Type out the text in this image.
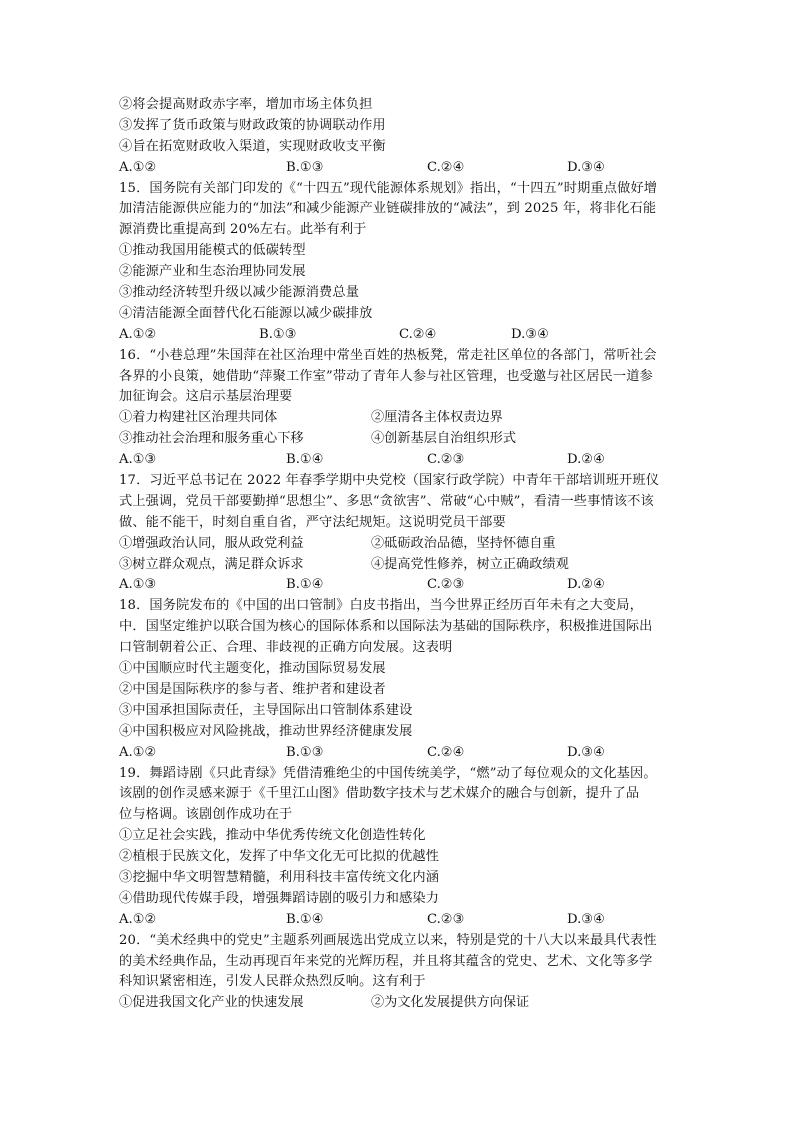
②将会提高财政赤字率，增加市场主体负担
③发挥了货币政策与财政政策的协调联动作用
④旨在拓宽财政收入渠道，实现财政收支平衡
A.①②	B.①③	C.②④	D.③④
15．国务院有关部门印发的《“十四五”现代能源体系规划》指出，“十四五”时期重点做好增
加清洁能源供应能力的“加法”和减少能源产业链碳排放的“减法”，到 2025 年，将非化石能
源消费比重提高到 20%左右。此举有利于
①推动我国用能模式的低碳转型
②能源产业和生态治理协同发展
③推动经济转型升级以减少能源消费总量
④清洁能源全面替代化石能源以减少碳排放
A.①②	B.①③	C.②④	D.③④
16．“小巷总理”朱国萍在社区治理中常坐百姓的热板凳，常走社区单位的各部门，常听社会
各界的小良策，她借助“萍聚工作室”带动了青年人参与社区管理，也受邀与社区居民一道参
加征询会。这启示基层治理要
①着力构建社区治理共同体	②厘清各主体权责边界
③推动社会治理和服务重心下移	④创新基层自治组织形式
A.①③	B.①④	C.②③	D.②④
17．习近平总书记在 2022 年春季学期中央党校（国家行政学院）中青年干部培训班开班仪
式上强调，党员干部要勤掸“思想尘”、多思“贪欲害”、常破“心中贼”，看清一些事情该不该
做、能不能干，时刻自重自省，严守法纪规矩。这说明党员干部要
①增强政治认同，服从政党利益	②砥砺政治品德，坚持怀德自重
③树立群众观点，满足群众诉求	④提高党性修养，树立正确政绩观
A.①③	B.①④	C.②③	D.②④
18．国务院发布的《中国的出口管制》白皮书指出，当今世界正经历百年未有之大变局，
中．国坚定维护以联合国为核心的国际体系和以国际法为基础的国际秩序，积极推进国际出
口管制朝着公正、合理、非歧视的正确方向发展。这表明
①中国顺应时代主题变化，推动国际贸易发展
②中国是国际秩序的参与者、维护者和建设者
③中国承担国际责任，主导国际出口管制体系建设
④中国积极应对风险挑战，推动世界经济健康发展
A.①②	B.①③	C.②④	D.③④
19．舞蹈诗剧《只此青绿》凭借清雅绝尘的中国传统美学，“燃”动了每位观众的文化基因。
该剧的创作灵感来源于《千里江山图》借助数字技术与艺术媒介的融合与创新，提升了品
位与格调。该剧创作成功在于
①立足社会实践，推动中华优秀传统文化创造性转化
②植根于民族文化，发挥了中华文化无可比拟的优越性
③挖掘中华文明智慧精髓，利用科技丰富传统文化内涵
④借助现代传媒手段，增强舞蹈诗剧的吸引力和感染力
A.①②	B.①④	C.②③	D.③④
20．“美术经典中的党史”主题系列画展选出党成立以来，特别是党的十八大以来最具代表性
的美术经典作品，生动再现百年来党的光辉历程，并且将其蕴含的党史、艺术、文化等多学
科知识紧密相连，引发人民群众热烈反响。这有利于
①促进我国文化产业的快速发展	②为文化发展提供方向保证
